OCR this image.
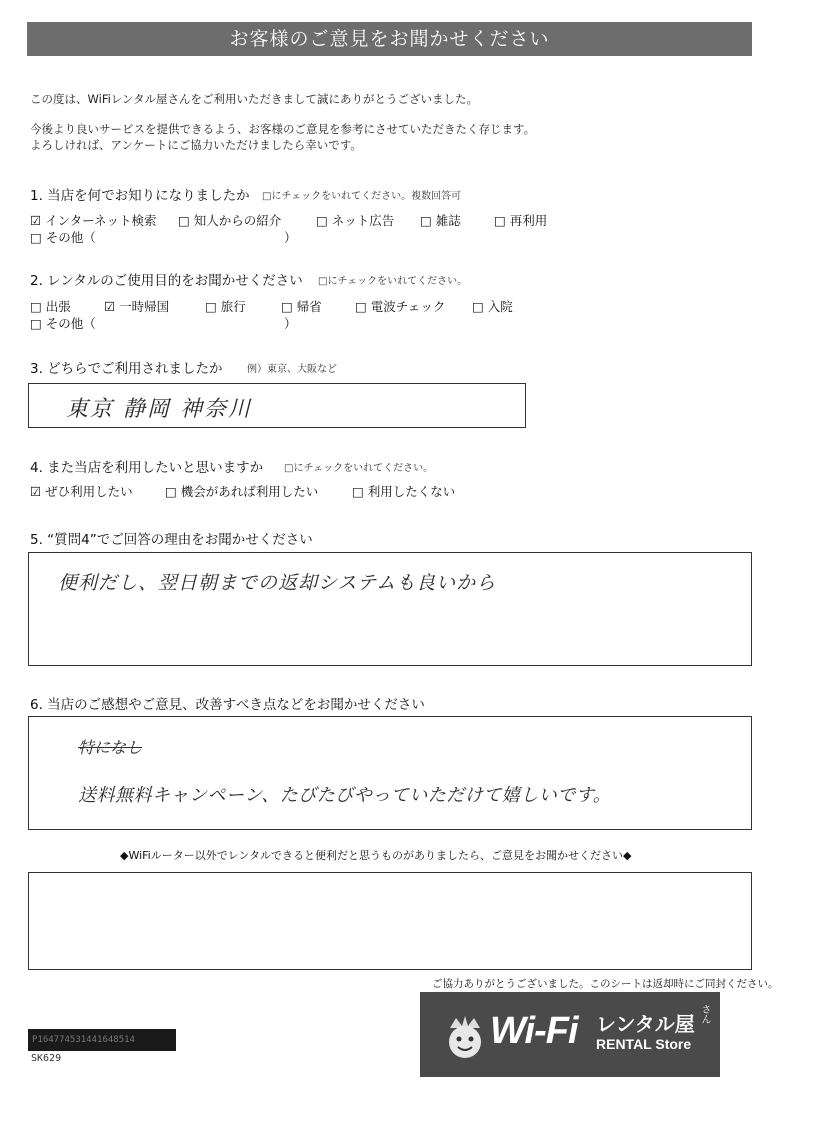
お客様のご意見をお聞かせください
この度は、WiFiレンタル屋さんをご利用いただきまして誠にありがとうございました。
今後より良いサービスを提供できるよう、お客様のご意見を参考にさせていただきたく存じます。
よろしければ、アンケートにご協力いただけましたら幸いです。
1. 当店を何でお知りになりましたか □にチェックをいれてください。複数回答可
☑ インターネット検索 □ 知人からの紹介	□ ネット広告 □ 雑誌	□ 再利用
□ その他（	）
2. レンタルのご使用目的をお聞かせください □にチェックをいれてください。
□ 出張	☑ 一時帰国	□ 旅行	□ 帰省	□ 電波チェック □ 入院
□ その他（	）
3. どちらでご利用されましたか 例）東京、大阪など
東京 静岡 神奈川
4. また当店を利用したいと思いますか □にチェックをいれてください。
☑ ぜひ利用したい	□ 機会があれば利用したい	□ 利用したくない
5. “質問4”でご回答の理由をお聞かせください
便利だし、翌日朝までの返却システムも良いから
6. 当店のご感想やご意見、改善すべき点などをお聞かせください
特になし
送料無料キャンペーン、たびたびやっていただけて嬉しいです。
◆WiFiルーター以外でレンタルできると便利だと思うものがありましたら、ご意見をお聞かせください◆
ご協力ありがとうございました。このシートは返却時にご同封ください。
P164774531441648514
SK629
Wi-Fi レンタル屋 さん
RENTAL Store
